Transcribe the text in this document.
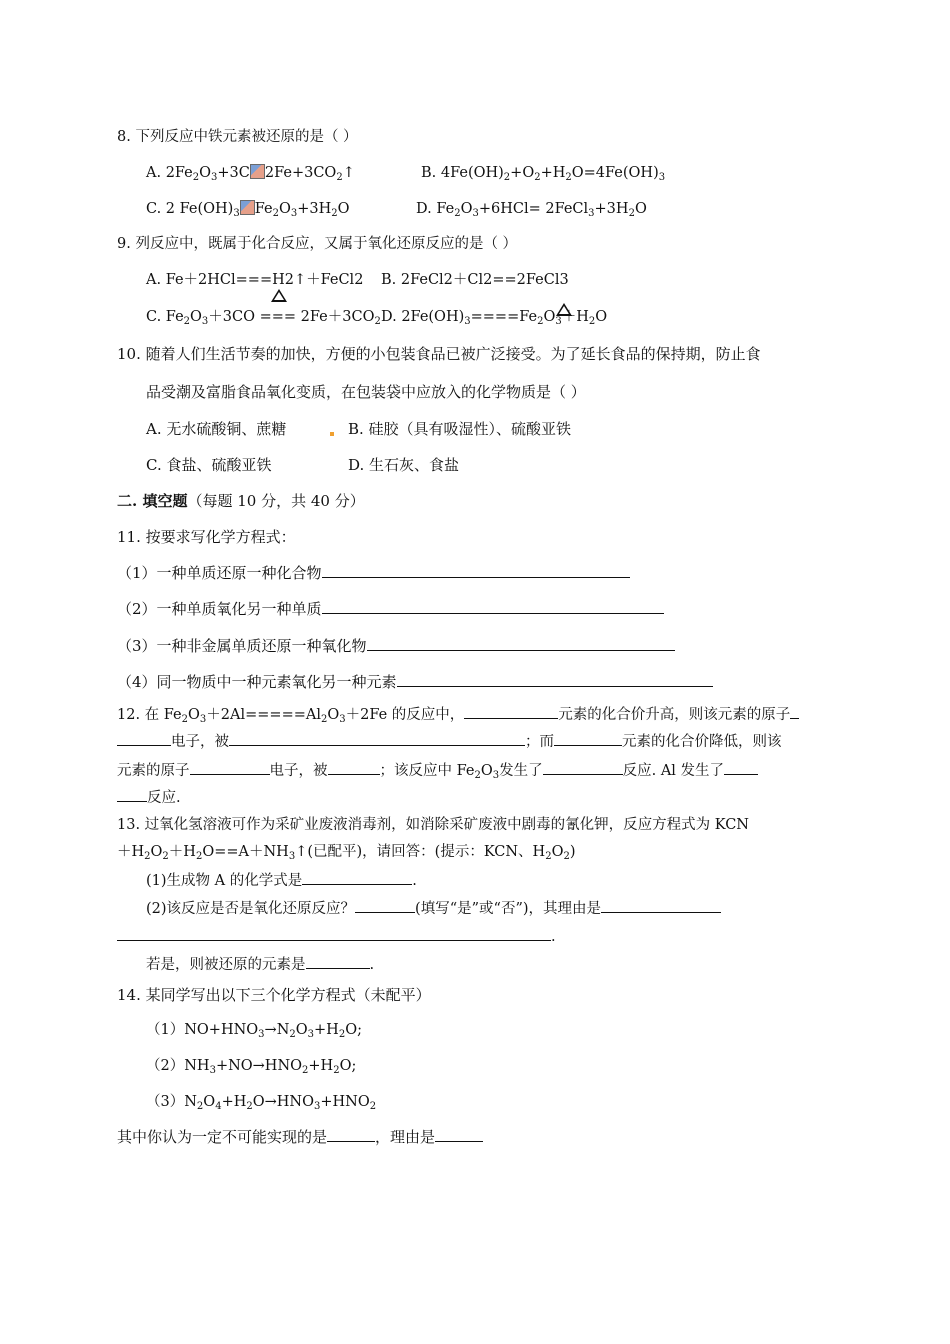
8. 下列反应中铁元素被还原的是（ ）
A. $2Fe_2O_3+3C$ $2Fe+3CO_2↑$	B. $4Fe(OH)_2+O_2+H_2O=4Fe(OH)_3$
C. 2 $Fe(OH)_3$ $Fe_2O_3+3H_2O$	D. $Fe_2O_3+6HCl=$ $2FeCl_3+3H_2O$
9. 列反应中，既属于化合反应，又属于氧化还原反应的是（ ）
A. Fe＋2HCl===H2↑＋FeCl2 B. 2FeCl2＋Cl2==2FeCl3
C. $Fe_2O_3+3CO$ === $2Fe+3CO_2$ D. $2Fe(OH)_3====Fe_2O_3+H_2O$
10. 随着人们生活节奏的加快，方便的小包装食品已被广泛接受。为了延长食品的保持期，防止食
品受潮及富脂食品氧化变质，在包装袋中应放入的化学物质是（ ）
A. 无水硫酸铜、蔗糖	B. 硅胶（具有吸湿性）、硫酸亚铁
C. 食盐、硫酸亚铁	D. 生石灰、食盐
二. 填空题（每题 10 分，共 40 分）
11. 按要求写化学方程式：
（1）一种单质还原一种化合物
（2）一种单质氧化另一种单质
（3）一种非金属单质还原一种氧化物
（4）同一物质中一种元素氧化另一种元素
12. 在 $Fe_2O_3+2Al=====Al_2O_3+2Fe$ 的反应中，	元素的化合价升高，则该元素的原子
电子，被	；而	元素的化合价降低，则该
元素的原子	电子，被	；该反应中 $Fe_2O_3$发生了	反应. Al 发生了
反应.
13. 过氧化氢溶液可作为采矿业废液消毒剂，如消除采矿废液中剧毒的氰化钾，反应方程式为 KCN
$+H_2O_2+H_2O==A+NH_3↑$(已配平)，请回答：(提示：KCN、$H_2O_2$)
(1)生成物 A 的化学式是	.
(2)该反应是否是氧化还原反应？	(填写“是”或“否”)，其理由是
.
若是，则被还原的元素是	.
14. 某同学写出以下三个化学方程式（未配平）
$(1)NO+HNO_3\to N_2O_3+H_2O$;
$(2)NH_3+NO\to HNO_2+H_2O$;
$(3)N_2O_4+H_2O\to HNO_3+HNO_2$
其中你认为一定不可能实现的是	，理由是
